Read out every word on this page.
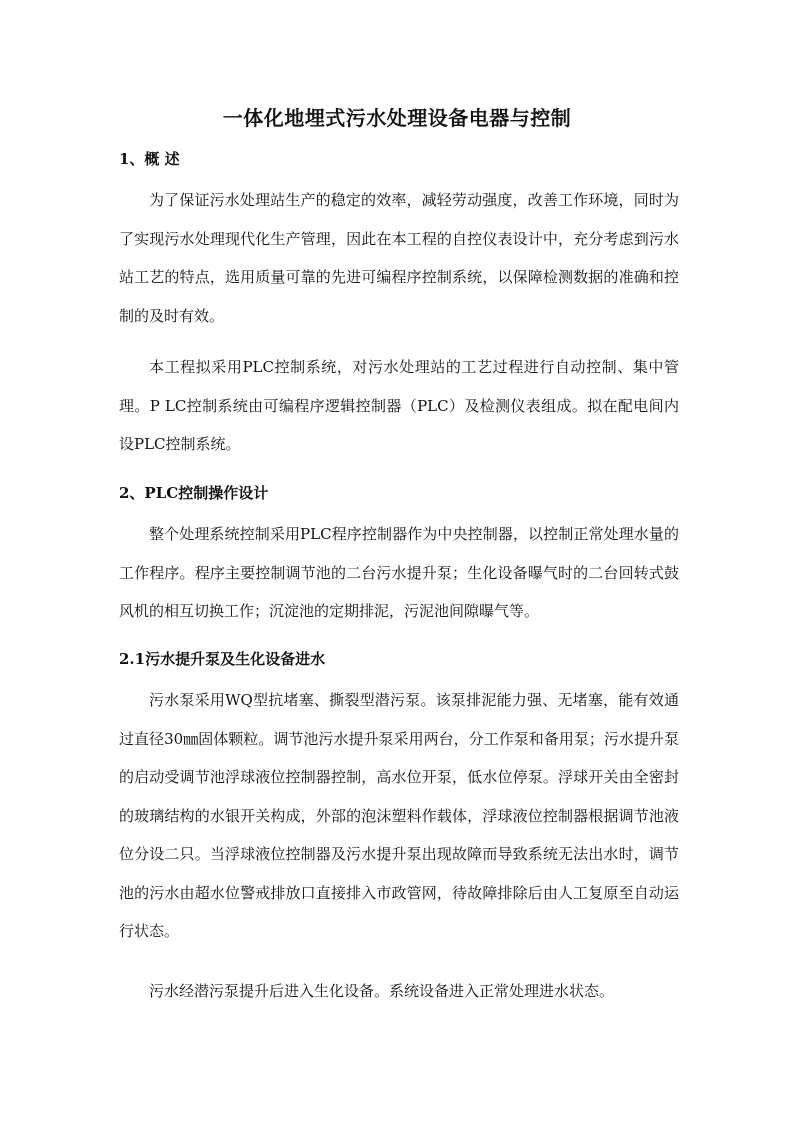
一体化地埋式污水处理设备电器与控制
1、概 述

为了保证污水处理站生产的稳定的效率，减轻劳动强度，改善工作环境，同时为了实现污水处理现代化生产管理，因此在本工程的自控仪表设计中，充分考虑到污水站工艺的特点，选用质量可靠的先进可编程序控制系统，以保障检测数据的准确和控制的及时有效。

本工程拟采用PLC控制系统，对污水处理站的工艺过程进行自动控制、集中管理。P LC控制系统由可编程序逻辑控制器（PLC）及检测仪表组成。拟在配电间内设PLC控制系统。

2、PLC控制操作设计

整个处理系统控制采用PLC程序控制器作为中央控制器，以控制正常处理水量的工作程序。程序主要控制调节池的二台污水提升泵；生化设备曝气时的二台回转式鼓风机的相互切换工作；沉淀池的定期排泥，污泥池间隙曝气等。

2.1污水提升泵及生化设备进水

污水泵采用WQ型抗堵塞、撕裂型潜污泵。该泵排泥能力强、无堵塞，能有效通过直径30㎜固体颗粒。调节池污水提升泵采用两台，分工作泵和备用泵；污水提升泵的启动受调节池浮球液位控制器控制，高水位开泵，低水位停泵。浮球开关由全密封的玻璃结构的水银开关构成，外部的泡沫塑料作载体，浮球液位控制器根据调节池液位分设二只。当浮球液位控制器及污水提升泵出现故障而导致系统无法出水时，调节池的污水由超水位警戒排放口直接排入市政管网，待故障排除后由人工复原至自动运行状态。

污水经潜污泵提升后进入生化设备。系统设备进入正常处理进水状态。
